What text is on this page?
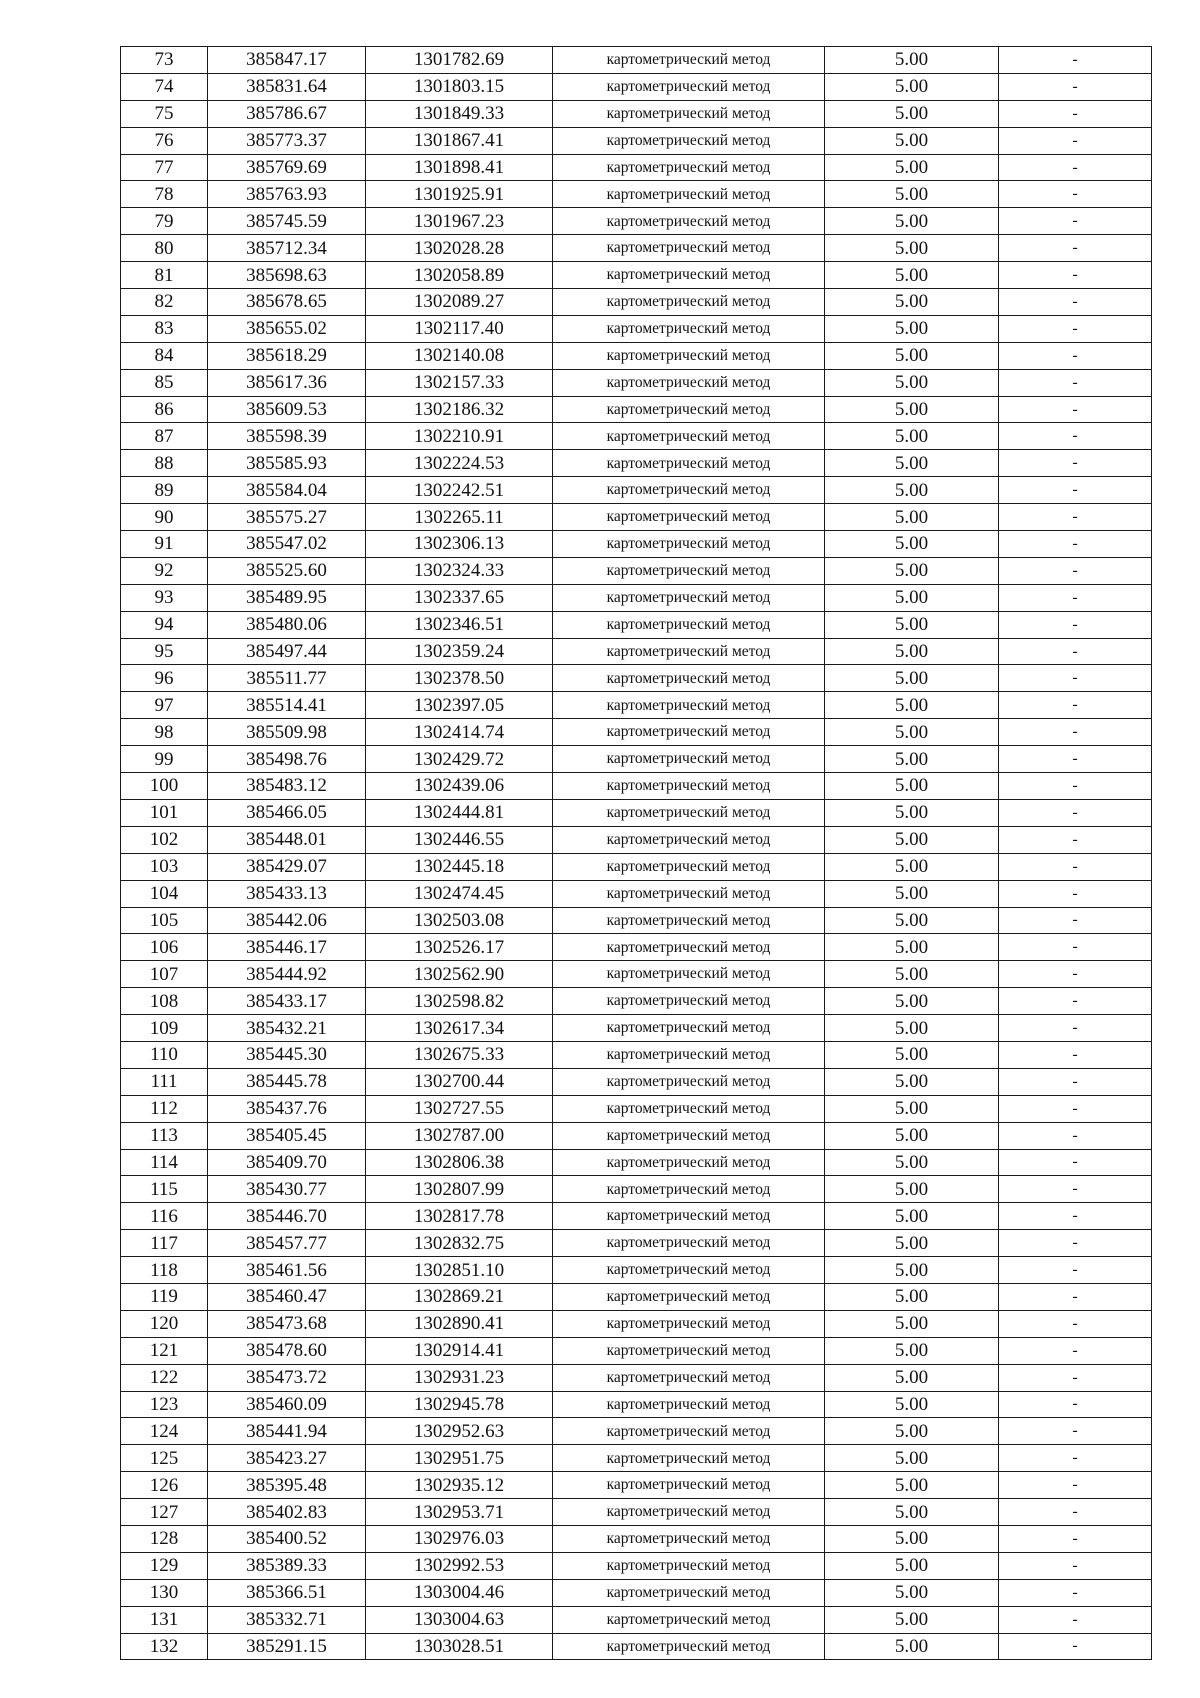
73	385847.17	1301782.69	картометрический метод	5.00	-
74	385831.64	1301803.15	картометрический метод	5.00	-
75	385786.67	1301849.33	картометрический метод	5.00	-
76	385773.37	1301867.41	картометрический метод	5.00	-
77	385769.69	1301898.41	картометрический метод	5.00	-
78	385763.93	1301925.91	картометрический метод	5.00	-
79	385745.59	1301967.23	картометрический метод	5.00	-
80	385712.34	1302028.28	картометрический метод	5.00	-
81	385698.63	1302058.89	картометрический метод	5.00	-
82	385678.65	1302089.27	картометрический метод	5.00	-
83	385655.02	1302117.40	картометрический метод	5.00	-
84	385618.29	1302140.08	картометрический метод	5.00	-
85	385617.36	1302157.33	картометрический метод	5.00	-
86	385609.53	1302186.32	картометрический метод	5.00	-
87	385598.39	1302210.91	картометрический метод	5.00	-
88	385585.93	1302224.53	картометрический метод	5.00	-
89	385584.04	1302242.51	картометрический метод	5.00	-
90	385575.27	1302265.11	картометрический метод	5.00	-
91	385547.02	1302306.13	картометрический метод	5.00	-
92	385525.60	1302324.33	картометрический метод	5.00	-
93	385489.95	1302337.65	картометрический метод	5.00	-
94	385480.06	1302346.51	картометрический метод	5.00	-
95	385497.44	1302359.24	картометрический метод	5.00	-
96	385511.77	1302378.50	картометрический метод	5.00	-
97	385514.41	1302397.05	картометрический метод	5.00	-
98	385509.98	1302414.74	картометрический метод	5.00	-
99	385498.76	1302429.72	картометрический метод	5.00	-
100	385483.12	1302439.06	картометрический метод	5.00	-
101	385466.05	1302444.81	картометрический метод	5.00	-
102	385448.01	1302446.55	картометрический метод	5.00	-
103	385429.07	1302445.18	картометрический метод	5.00	-
104	385433.13	1302474.45	картометрический метод	5.00	-
105	385442.06	1302503.08	картометрический метод	5.00	-
106	385446.17	1302526.17	картометрический метод	5.00	-
107	385444.92	1302562.90	картометрический метод	5.00	-
108	385433.17	1302598.82	картометрический метод	5.00	-
109	385432.21	1302617.34	картометрический метод	5.00	-
110	385445.30	1302675.33	картометрический метод	5.00	-
111	385445.78	1302700.44	картометрический метод	5.00	-
112	385437.76	1302727.55	картометрический метод	5.00	-
113	385405.45	1302787.00	картометрический метод	5.00	-
114	385409.70	1302806.38	картометрический метод	5.00	-
115	385430.77	1302807.99	картометрический метод	5.00	-
116	385446.70	1302817.78	картометрический метод	5.00	-
117	385457.77	1302832.75	картометрический метод	5.00	-
118	385461.56	1302851.10	картометрический метод	5.00	-
119	385460.47	1302869.21	картометрический метод	5.00	-
120	385473.68	1302890.41	картометрический метод	5.00	-
121	385478.60	1302914.41	картометрический метод	5.00	-
122	385473.72	1302931.23	картометрический метод	5.00	-
123	385460.09	1302945.78	картометрический метод	5.00	-
124	385441.94	1302952.63	картометрический метод	5.00	-
125	385423.27	1302951.75	картометрический метод	5.00	-
126	385395.48	1302935.12	картометрический метод	5.00	-
127	385402.83	1302953.71	картометрический метод	5.00	-
128	385400.52	1302976.03	картометрический метод	5.00	-
129	385389.33	1302992.53	картометрический метод	5.00	-
130	385366.51	1303004.46	картометрический метод	5.00	-
131	385332.71	1303004.63	картометрический метод	5.00	-
132	385291.15	1303028.51	картометрический метод	5.00	-
